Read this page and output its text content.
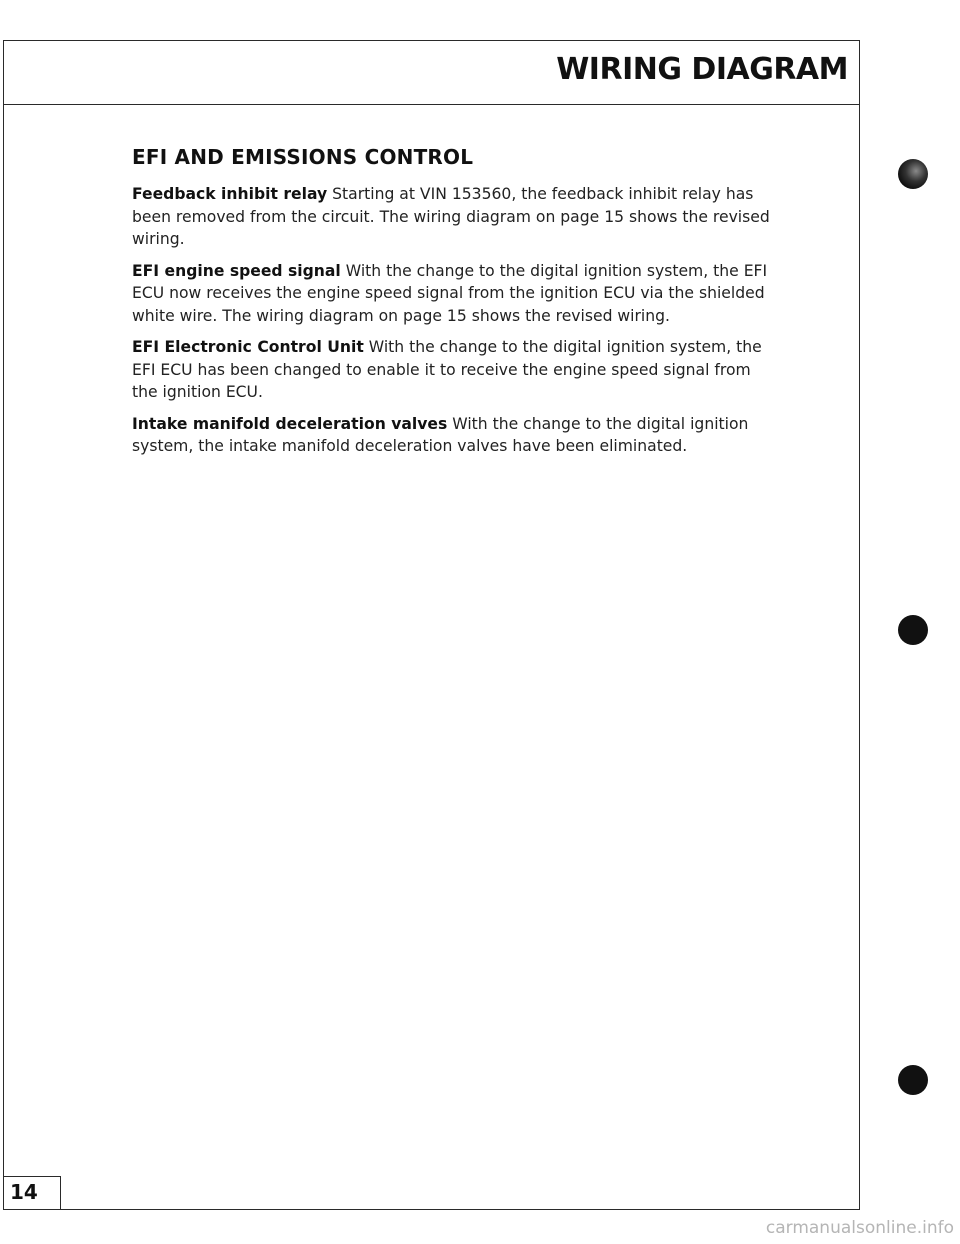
WIRING DIAGRAM
EFI AND EMISSIONS CONTROL

Feedback inhibit relay Starting at VIN 153560, the feedback inhibit relay has been removed from the circuit. The wiring diagram on page 15 shows the revised wiring.

EFI engine speed signal With the change to the digital ignition system, the EFI ECU now receives the engine speed signal from the ignition ECU via the shielded white wire. The wiring diagram on page 15 shows the revised wiring.

EFI Electronic Control Unit With the change to the digital ignition system, the EFI ECU has been changed to enable it to receive the engine speed signal from the ignition ECU.

Intake manifold deceleration valves With the change to the digital ignition system, the intake manifold deceleration valves have been eliminated.

14
carmanualsonline.info
